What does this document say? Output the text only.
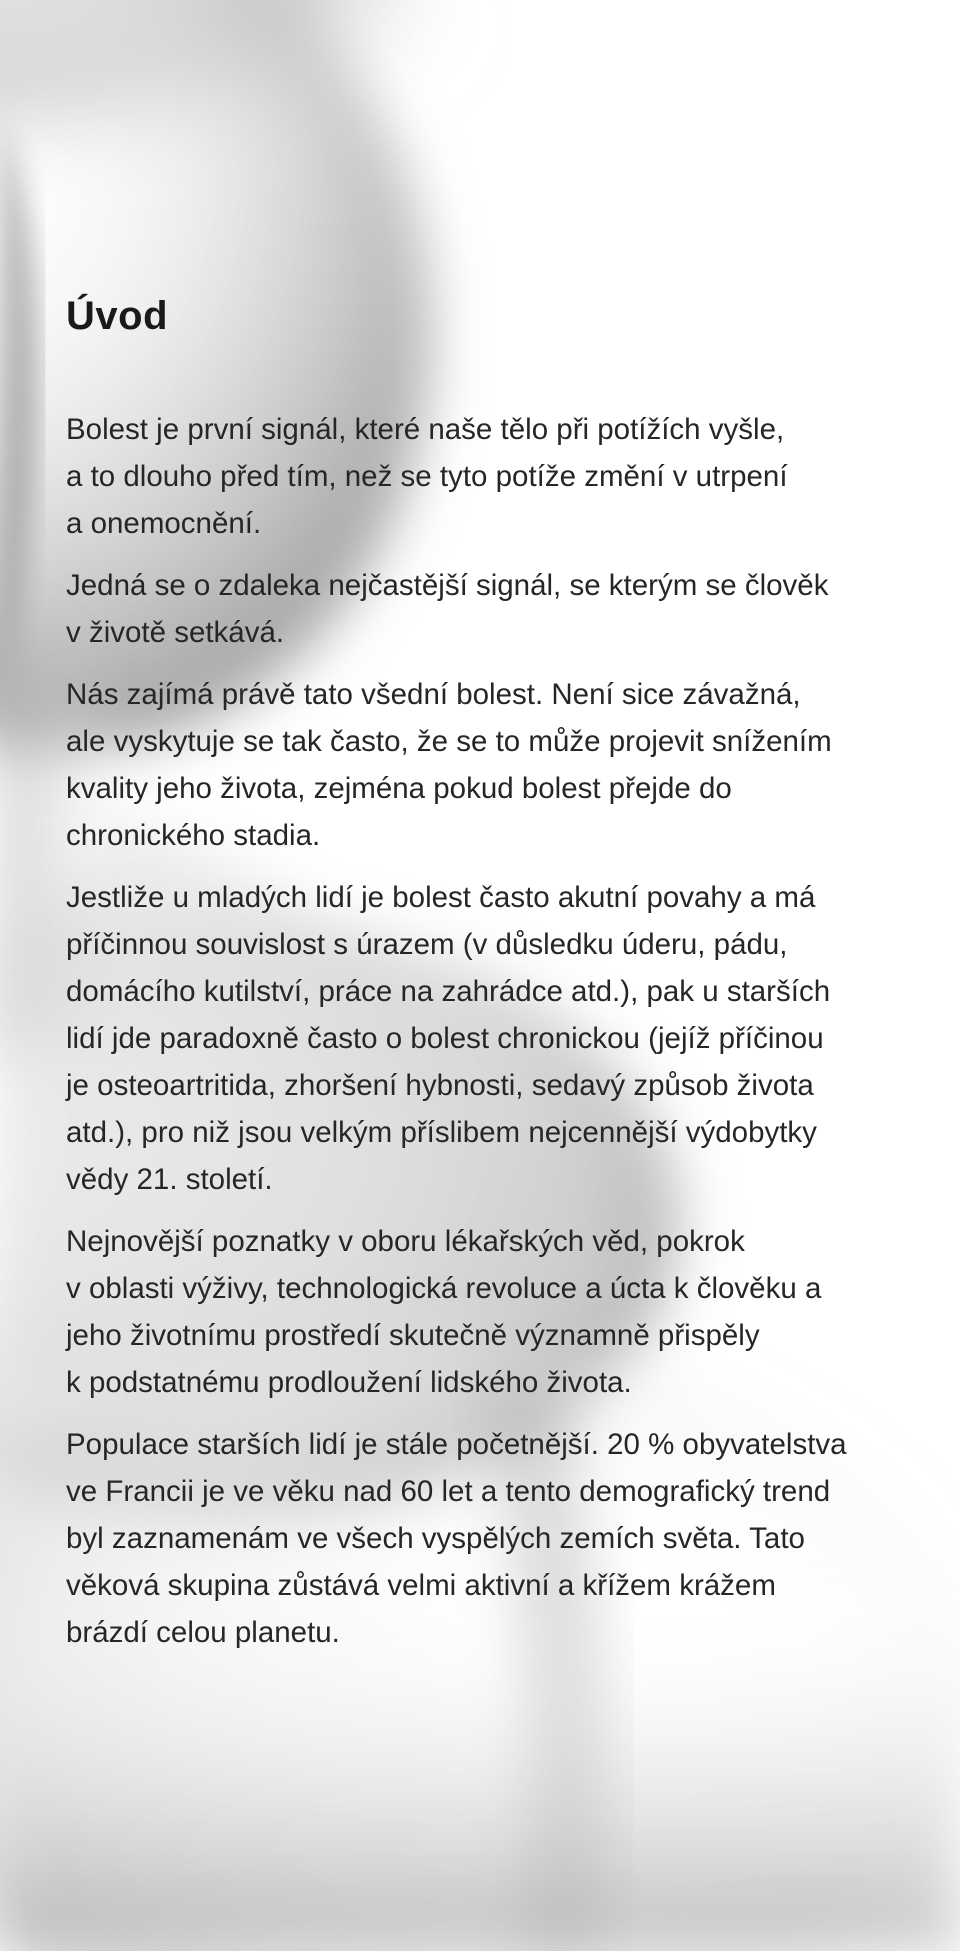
Úvod

Bolest je první signál, které naše tělo při potížích vyšle,
a to dlouho před tím, než se tyto potíže změní v utrpení
a onemocnění.

Jedná se o zdaleka nejčastější signál, se kterým se člověk
v životě setkává.

Nás zajímá právě tato všední bolest. Není sice závažná,
ale vyskytuje se tak často, že se to může projevit snížením
kvality jeho života, zejména pokud bolest přejde do
chronického stadia.

Jestliže u mladých lidí je bolest často akutní povahy a má
příčinnou souvislost s úrazem (v důsledku úderu, pádu,
domácího kutilství, práce na zahrádce atd.), pak u starších
lidí jde paradoxně často o bolest chronickou (jejíž příčinou
je osteoartritida, zhoršení hybnosti, sedavý způsob života
atd.), pro niž jsou velkým příslibem nejcennější výdobytky
vědy 21. století.

Nejnovější poznatky v oboru lékařských věd, pokrok
v oblasti výživy, technologická revoluce a úcta k člověku a
jeho životnímu prostředí skutečně významně přispěly
k podstatnému prodloužení lidského života.

Populace starších lidí je stále početnější. 20 % obyvatelstva
ve Francii je ve věku nad 60 let a tento demografický trend
byl zaznamenám ve všech vyspělých zemích světa. Tato
věková skupina zůstává velmi aktivní a křížem krážem
brázdí celou planetu.
